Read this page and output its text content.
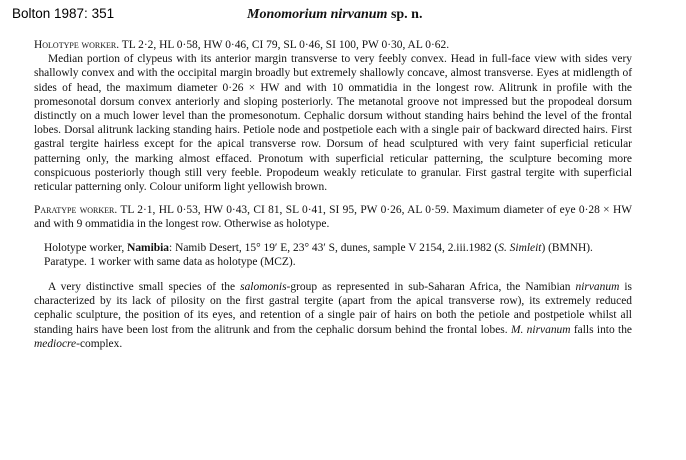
Bolton 1987: 351	Monomorium nirvanum sp. n.

Holotype worker. TL 2·2, HL 0·58, HW 0·46, CI 79, SL 0·46, SI 100, PW 0·30, AL 0·62.

Median portion of clypeus with its anterior margin transverse to very feebly convex. Head in full-face view with sides very shallowly convex and with the occipital margin broadly but extremely shallowly concave, almost transverse. Eyes at midlength of sides of head, the maximum diameter 0·26 × HW and with 10 ommatidia in the longest row. Alitrunk in profile with the promesonotal dorsum convex anteriorly and sloping posteriorly. The metanotal groove not impressed but the propodeal dorsum distinctly on a much lower level than the promesonotum. Cephalic dorsum without standing hairs behind the level of the frontal lobes. Dorsal alitrunk lacking standing hairs. Petiole node and postpetiole each with a single pair of backward directed hairs. First gastral tergite hairless except for the apical transverse row. Dorsum of head sculptured with very faint superficial reticular patterning only, the marking almost effaced. Pronotum with superficial reticular patterning, the sculpture becoming more conspicuous posteriorly though still very feeble. Propodeum weakly reticulate to granular. First gastral tergite with superficial reticular patterning only. Colour uniform light yellowish brown.

Paratype worker. TL 2·1, HL 0·53, HW 0·43, CI 81, SL 0·41, SI 95, PW 0·26, AL 0·59. Maximum diameter of eye 0·28 × HW and with 9 ommatidia in the longest row. Otherwise as holotype.

Holotype worker, Namibia: Namib Desert, 15° 19′ E, 23° 43′ S, dunes, sample V 2154, 2.iii.1982 (S. Simleit) (BMNH).

Paratype. 1 worker with same data as holotype (MCZ).

A very distinctive small species of the salomonis-group as represented in sub-Saharan Africa, the Namibian nirvanum is characterized by its lack of pilosity on the first gastral tergite (apart from the apical transverse row), its extremely reduced cephalic sculpture, the position of its eyes, and retention of a single pair of hairs on both the petiole and postpetiole whilst all standing hairs have been lost from the alitrunk and from the cephalic dorsum behind the frontal lobes. M. nirvanum falls into the mediocre-complex.
